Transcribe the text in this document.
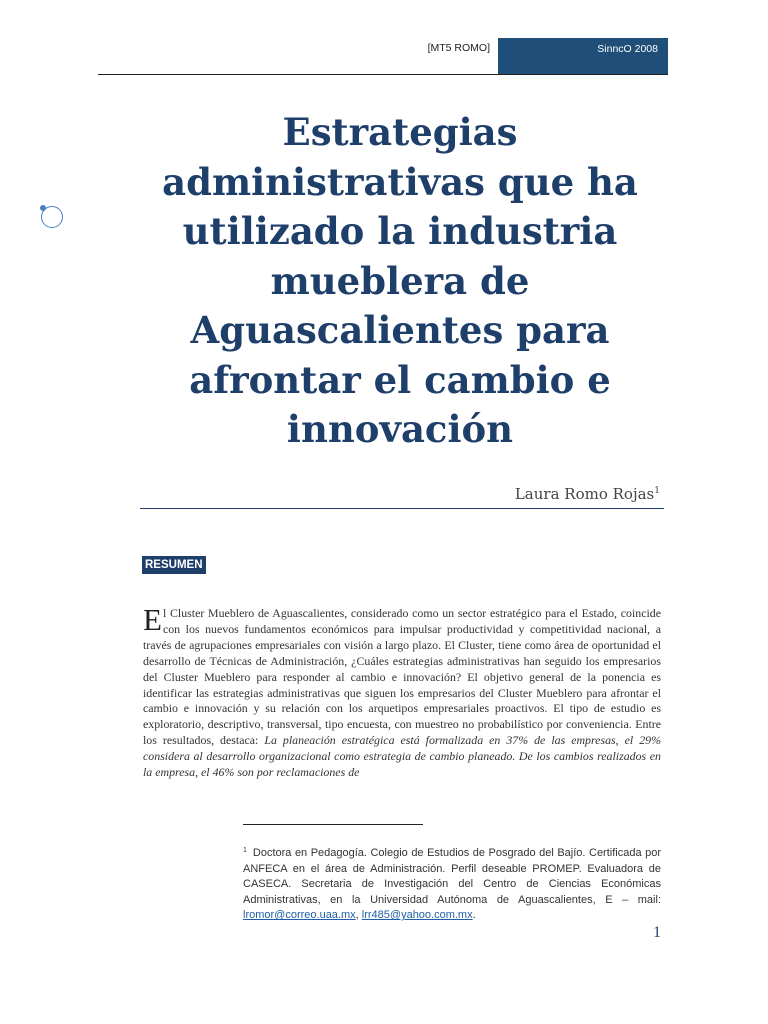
[MT5 ROMO]	SinncO 2008
Estrategias administrativas que ha utilizado la industria mueblera de Aguascalientes para afrontar el cambio e innovación
Laura Romo Rojas$^1$
RESUMEN

El Cluster Mueblero de Aguascalientes, considerado como un sector estratégico para el Estado, coincide con los nuevos fundamentos económicos para impulsar productividad y competitividad nacional, a través de agrupaciones empresariales con visión a largo plazo. El Cluster, tiene como área de oportunidad el desarrollo de Técnicas de Administración, ¿Cuáles estrategias administrativas han seguido los empresarios del Cluster Mueblero para responder al cambio e innovación? El objetivo general de la ponencia es identificar las estrategias administrativas que siguen los empresarios del Cluster Mueblero para afrontar el cambio e innovación y su relación con los arquetipos empresariales proactivos. El tipo de estudio es exploratorio, descriptivo, transversal, tipo encuesta, con muestreo no probabilístico por conveniencia. Entre los resultados, destaca: La planeación estratégica está formalizada en 37% de las empresas, el 29% considera al desarrollo organizacional como estrategia de cambio planeado. De los cambios realizados en la empresa, el 46% son por reclamaciones de

$^1$ Doctora en Pedagogía. Colegio de Estudios de Posgrado del Bajío. Certificada por ANFECA en el área de Administración. Perfil deseable PROMEP. Evaluadora de CASECA. Secretaria de Investigación del Centro de Ciencias Económicas Administrativas, en la Universidad Autónoma de Aguascalientes, E – mail: lromor@correo.uaa.mx, lrr485@yahoo.com.mx.

1
